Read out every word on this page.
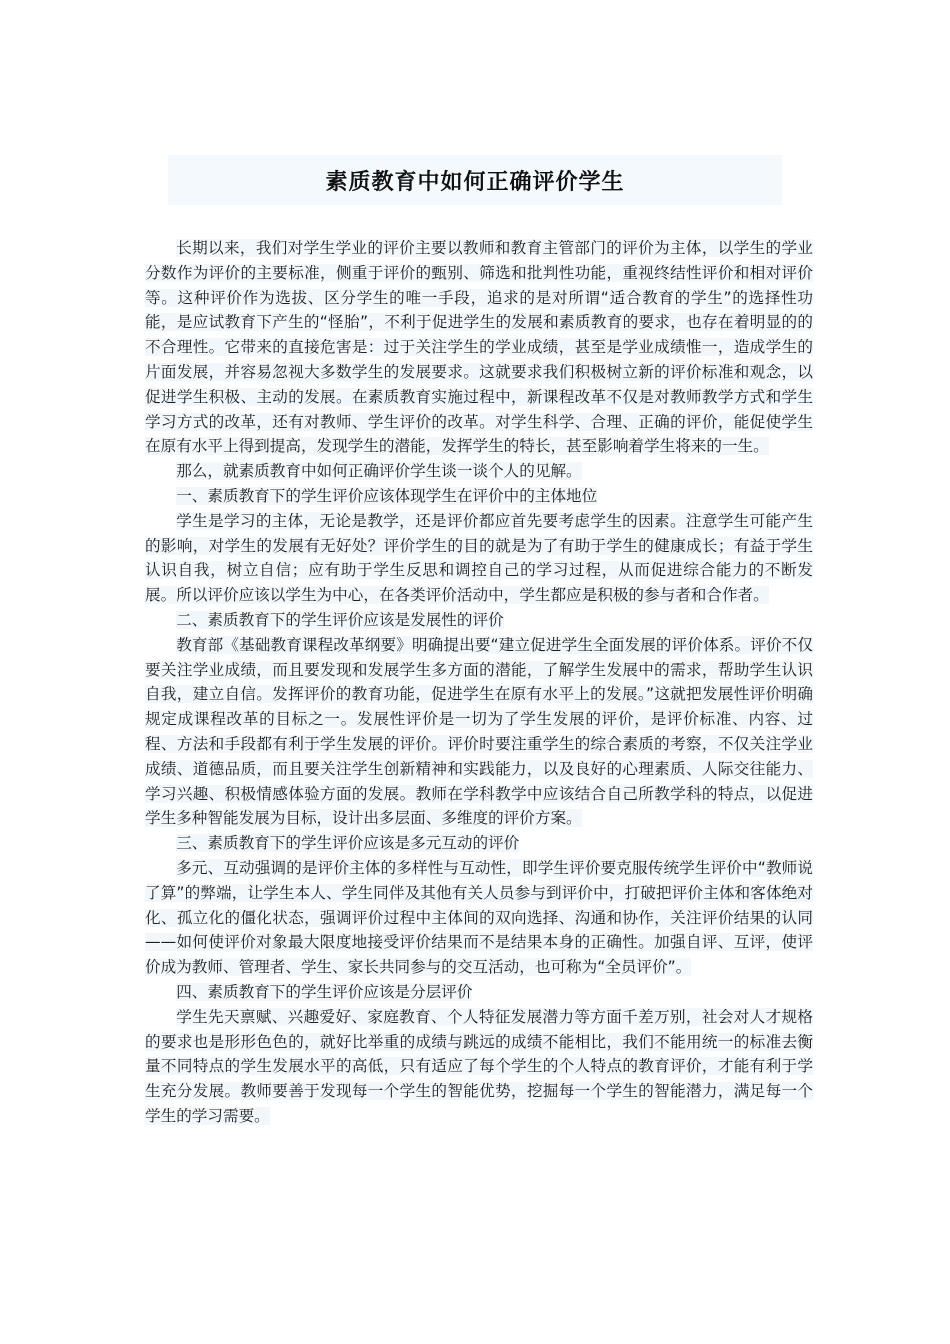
素质教育中如何正确评价学生

长期以来，我们对学生学业的评价主要以教师和教育主管部门的评价为主体，以学生的学业分数作为评价的主要标准，侧重于评价的甄别、筛选和批判性功能，重视终结性评价和相对评价等。这种评价作为选拔、区分学生的唯一手段，追求的是对所谓“适合教育的学生”的选择性功能，是应试教育下产生的“怪胎”，不利于促进学生的发展和素质教育的要求，也存在着明显的的不合理性。它带来的直接危害是：过于关注学生的学业成绩，甚至是学业成绩惟一，造成学生的片面发展，并容易忽视大多数学生的发展要求。这就要求我们积极树立新的评价标准和观念，以促进学生积极、主动的发展。在素质教育实施过程中，新课程改革不仅是对教师教学方式和学生学习方式的改革，还有对教师、学生评价的改革。对学生科学、合理、正确的评价，能促使学生在原有水平上得到提高，发现学生的潜能，发挥学生的特长，甚至影响着学生将来的一生。

那么，就素质教育中如何正确评价学生谈一谈个人的见解。

一、素质教育下的学生评价应该体现学生在评价中的主体地位

学生是学习的主体，无论是教学，还是评价都应首先要考虑学生的因素。注意学生可能产生的影响，对学生的发展有无好处？评价学生的目的就是为了有助于学生的健康成长；有益于学生认识自我，树立自信；应有助于学生反思和调控自己的学习过程，从而促进综合能力的不断发展。所以评价应该以学生为中心，在各类评价活动中，学生都应是积极的参与者和合作者。

二、素质教育下的学生评价应该是发展性的评价

教育部《基础教育课程改革纲要》明确提出要“建立促进学生全面发展的评价体系。评价不仅要关注学业成绩，而且要发现和发展学生多方面的潜能，了解学生发展中的需求，帮助学生认识自我，建立自信。发挥评价的教育功能，促进学生在原有水平上的发展。”这就把发展性评价明确规定成课程改革的目标之一。发展性评价是一切为了学生发展的评价，是评价标准、内容、过程、方法和手段都有利于学生发展的评价。评价时要注重学生的综合素质的考察，不仅关注学业成绩、道德品质，而且要关注学生创新精神和实践能力，以及良好的心理素质、人际交往能力、学习兴趣、积极情感体验方面的发展。教师在学科教学中应该结合自己所教学科的特点，以促进学生多种智能发展为目标，设计出多层面、多维度的评价方案。

三、素质教育下的学生评价应该是多元互动的评价

多元、互动强调的是评价主体的多样性与互动性，即学生评价要克服传统学生评价中“教师说了算”的弊端，让学生本人、学生同伴及其他有关人员参与到评价中，打破把评价主体和客体绝对化、孤立化的僵化状态，强调评价过程中主体间的双向选择、沟通和协作，关注评价结果的认同——如何使评价对象最大限度地接受评价结果而不是结果本身的正确性。加强自评、互评，使评价成为教师、管理者、学生、家长共同参与的交互活动，也可称为“全员评价”。

四、素质教育下的学生评价应该是分层评价

学生先天禀赋、兴趣爱好、家庭教育、个人特征发展潜力等方面千差万别，社会对人才规格的要求也是形形色色的，就好比举重的成绩与跳远的成绩不能相比，我们不能用统一的标准去衡量不同特点的学生发展水平的高低，只有适应了每个学生的个人特点的教育评价，才能有利于学生充分发展。教师要善于发现每一个学生的智能优势，挖掘每一个学生的智能潜力，满足每一个学生的学习需要。
